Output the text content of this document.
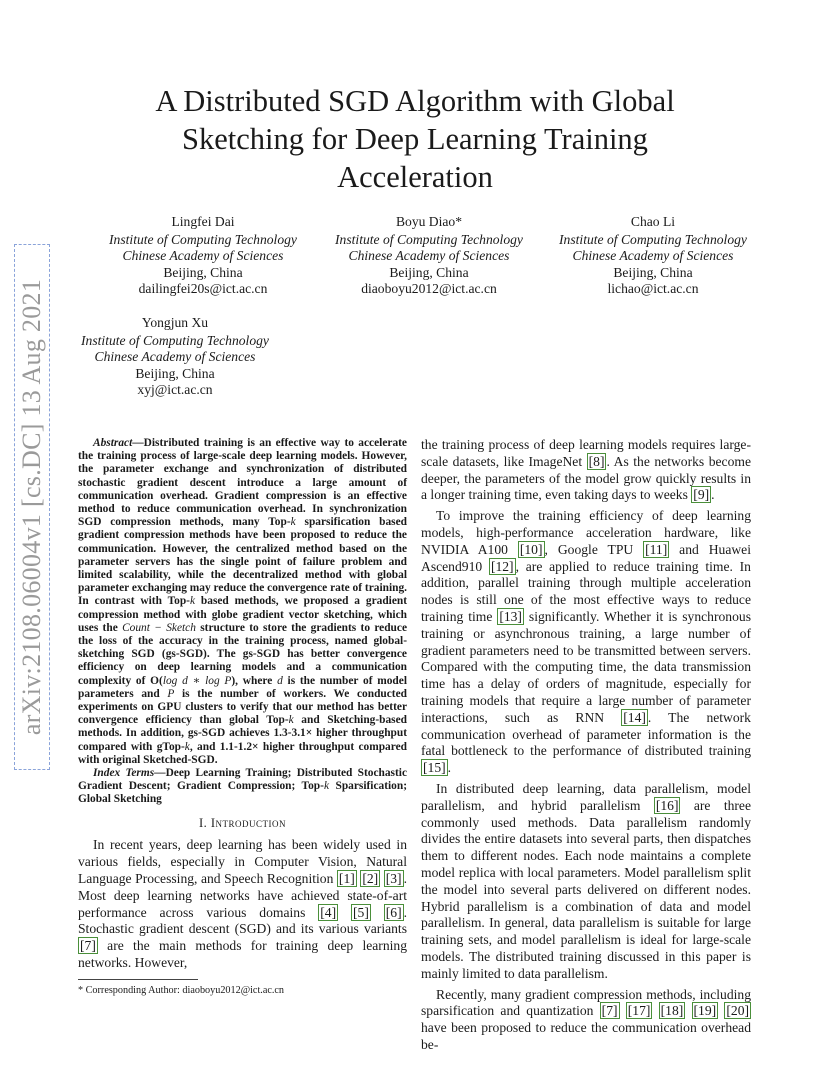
arXiv:2108.06004v1 [cs.DC] 13 Aug 2021
A Distributed SGD Algorithm with Global Sketching for Deep Learning Training Acceleration
Lingfei Dai
Institute of Computing Technology
Chinese Academy of Sciences
Beijing, China
dailingfei20s@ict.ac.cn
Boyu Diao*
Institute of Computing Technology
Chinese Academy of Sciences
Beijing, China
diaoboyu2012@ict.ac.cn
Chao Li
Institute of Computing Technology
Chinese Academy of Sciences
Beijing, China
lichao@ict.ac.cn
Yongjun Xu
Institute of Computing Technology
Chinese Academy of Sciences
Beijing, China
xyj@ict.ac.cn

Abstract—Distributed training is an effective way to accelerate the training process of large-scale deep learning models. However, the parameter exchange and synchronization of distributed stochastic gradient descent introduce a large amount of communication overhead. Gradient compression is an effective method to reduce communication overhead. In synchronization SGD compression methods, many Top-k sparsification based gradient compression methods have been proposed to reduce the communication. However, the centralized method based on the parameter servers has the single point of failure problem and limited scalability, while the decentralized method with global parameter exchanging may reduce the convergence rate of training. In contrast with Top-k based methods, we proposed a gradient compression method with globe gradient vector sketching, which uses the Count − Sketch structure to store the gradients to reduce the loss of the accuracy in the training process, named global-sketching SGD (gs-SGD). The gs-SGD has better convergence efficiency on deep learning models and a communication complexity of O(log d ∗ log P), where d is the number of model parameters and P is the number of workers. We conducted experiments on GPU clusters to verify that our method has better convergence efficiency than global Top-k and Sketching-based methods. In addition, gs-SGD achieves 1.3-3.1× higher throughput compared with gTop-k, and 1.1-1.2× higher throughput compared with original Sketched-SGD.

Index Terms—Deep Learning Training; Distributed Stochastic Gradient Descent; Gradient Compression; Top-k Sparsification; Global Sketching

I. Introduction

In recent years, deep learning has been widely used in various fields, especially in Computer Vision, Natural Language Processing, and Speech Recognition [1] [2] [3] . Most deep learning networks have achieved state-of-art performance across various domains [4] [5] [6] . Stochastic gradient descent (SGD) and its various variants [7] are the main methods for training deep learning networks. However,

* Corresponding Author: diaoboyu2012@ict.ac.cn

the training process of deep learning models requires large-scale datasets, like ImageNet [8] . As the networks become deeper, the parameters of the model grow quickly results in a longer training time, even taking days to weeks [9] .

To improve the training efficiency of deep learning models, high-performance acceleration hardware, like NVIDIA A100 [10] , Google TPU [11] and Huawei Ascend910 [12] , are applied to reduce training time. In addition, parallel training through multiple acceleration nodes is still one of the most effective ways to reduce training time [13] significantly. Whether it is synchronous training or asynchronous training, a large number of gradient parameters need to be transmitted between servers. Compared with the computing time, the data transmission time has a delay of orders of magnitude, especially for training models that require a large number of parameter interactions, such as RNN [14] . The network communication overhead of parameter information is the fatal bottleneck to the performance of distributed training [15] .

In distributed deep learning, data parallelism, model parallelism, and hybrid parallelism [16] are three commonly used methods. Data parallelism randomly divides the entire datasets into several parts, then dispatches them to different nodes. Each node maintains a complete model replica with local parameters. Model parallelism split the model into several parts delivered on different nodes. Hybrid parallelism is a combination of data and model parallelism. In general, data parallelism is suitable for large training sets, and model parallelism is ideal for large-scale models. The distributed training discussed in this paper is mainly limited to data parallelism.

Recently, many gradient compression methods, including sparsification and quantization [7] [17] [18] [19] [20] have been proposed to reduce the communication overhead be-
